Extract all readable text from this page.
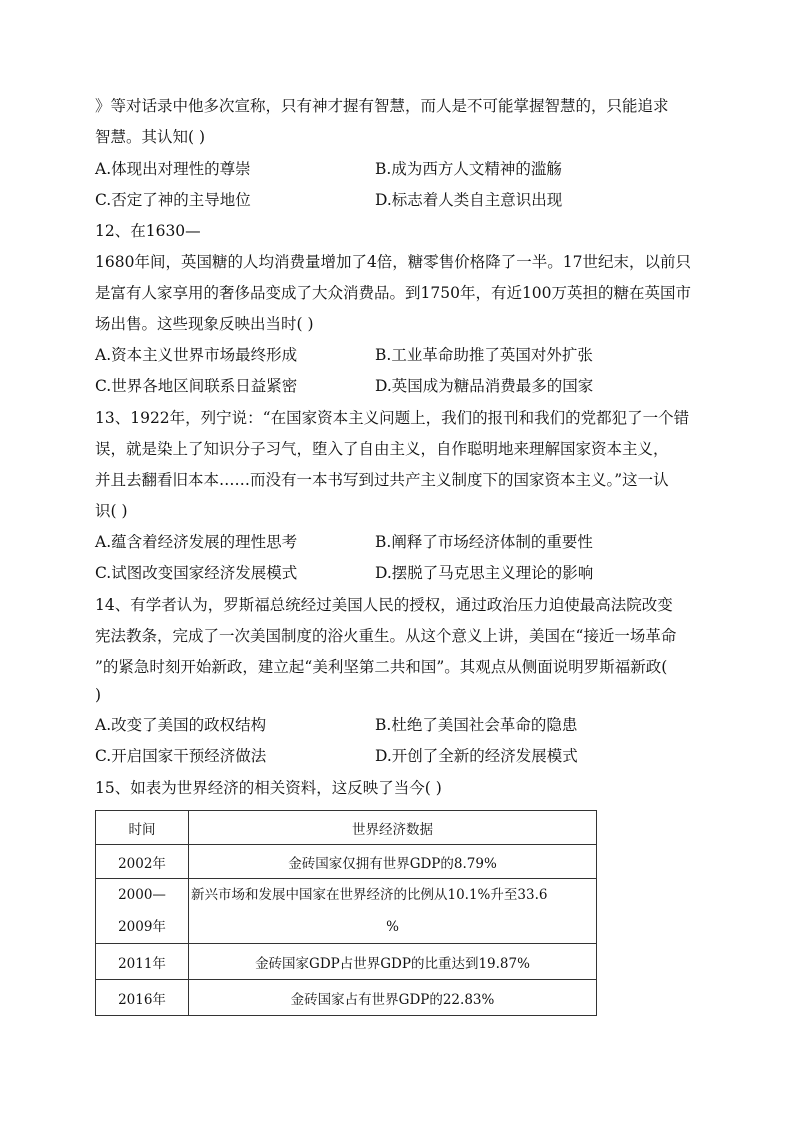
》等对话录中他多次宣称，只有神才握有智慧，而人是不可能掌握智慧的，只能追求
智慧。其认知( )
A.体现出对理性的尊崇	B.成为西方人文精神的滥觞
C.否定了神的主导地位	D.标志着人类自主意识出现
12、在1630—
1680年间，英国糖的人均消费量增加了4倍，糖零售价格降了一半。17世纪末，以前只
是富有人家享用的奢侈品变成了大众消费品。到1750年，有近100万英担的糖在英国市
场出售。这些现象反映出当时( )
A.资本主义世界市场最终形成	B.工业革命助推了英国对外扩张
C.世界各地区间联系日益紧密	D.英国成为糖品消费最多的国家
13、1922年，列宁说：“在国家资本主义问题上，我们的报刊和我们的党都犯了一个错
误，就是染上了知识分子习气，堕入了自由主义，自作聪明地来理解国家资本主义，
并且去翻看旧本本……而没有一本书写到过共产主义制度下的国家资本主义。”这一认
识( )
A.蕴含着经济发展的理性思考	B.阐释了市场经济体制的重要性
C.试图改变国家经济发展模式	D.摆脱了马克思主义理论的影响
14、有学者认为，罗斯福总统经过美国人民的授权，通过政治压力迫使最高法院改变
宪法教条，完成了一次美国制度的浴火重生。从这个意义上讲，美国在“接近一场革命
”的紧急时刻开始新政，建立起“美利坚第二共和国”。其观点从侧面说明罗斯福新政(
)
A.改变了美国的政权结构	B.杜绝了美国社会革命的隐患
C.开启国家干预经济做法	D.开创了全新的经济发展模式
15、如表为世界经济的相关资料，这反映了当今( )
时间	世界经济数据
2002年	金砖国家仅拥有世界GDP的8.79%

2000—
2009年	新兴市场和发展中国家在世界经济的比例从10.1%升至33.6
%

2011年	金砖国家GDP占世界GDP的比重达到19.87%
2016年	金砖国家占有世界GDP的22.83%
